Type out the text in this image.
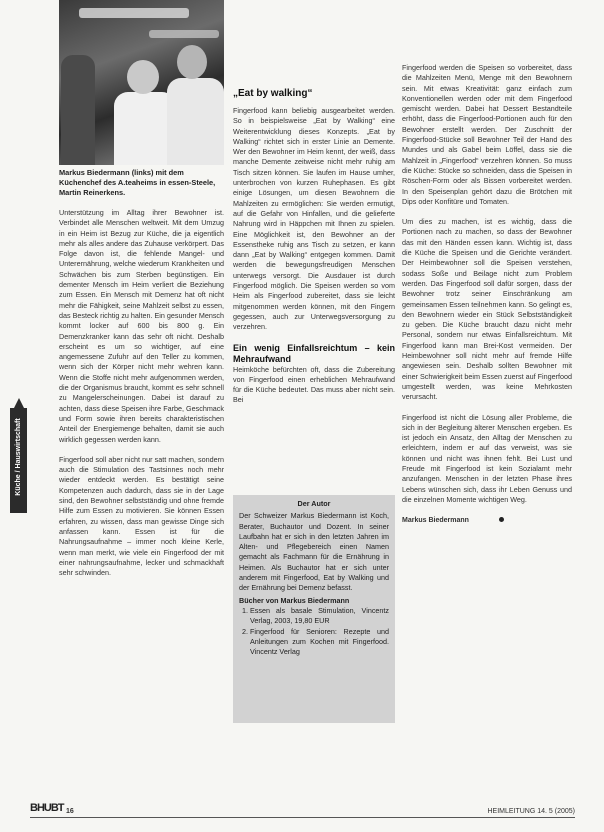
Markus Biedermann (links) mit dem Küchenchef des A.teaheims in essen-Steele, Martin Reinerkens.
Küche / Hauswirtschaft

Unterstützung im Alltag ihrer Bewohner ist. Verbindet alle Menschen weltweit. Mit dem Umzug in ein Heim ist Bezug zur Küche, die ja eigentlich mehr als alles andere das Zuhause verkörpert. Das Folge davon ist, die fehlende Mangel- und Unterernährung, welche wiederum Krankheiten und Schwächen bis zum Sterben begünstigen. Ein dementer Mensch im Heim verliert die Beziehung zum Essen. Ein Mensch mit Demenz hat oft nicht mehr die Fähigkeit, seine Mahlzeit selbst zu essen, das Besteck richtig zu halten. Ein gesunder Mensch kommt locker auf 600 bis 800 g. Ein Demenzkranker kann das sehr oft nicht. Deshalb erscheint es um so wichtiger, auf eine angemessene Zufuhr auf den Teller zu kommen, wenn sich der Körper nicht mehr wehren kann. Wenn die Stoffe nicht mehr aufgenommen werden, die der Organismus braucht, kommt es sehr schnell zu Mangelerscheinungen. Dabei ist darauf zu achten, dass diese Speisen ihre Farbe, Geschmack und Form sowie ihren bereits charakteristischen Anteil der Energiemenge behalten, damit sie auch wirklich gegessen werden kann.

Fingerfood soll aber nicht nur satt machen, sondern auch die Stimulation des Tastsinnes noch mehr wieder entdeckt werden. Es bestätigt seine Kompetenzen auch dadurch, dass sie in der Lage sind, den Bewohner selbstständig und ohne fremde Hilfe zum Essen zu motivieren. Sie können Essen erfahren, zu wissen, dass man gewisse Dinge sich anfassen kann. Essen ist für die Nahrungsaufnahme – immer noch kleine Kerle, wenn man merkt, wie viele ein Fingerfood der mit einer nahrungsaufnahme, lecker und schmackhaft sehr schwinden.

„Eat by walking“

Fingerfood kann beliebig ausgearbeitet werden. So in beispielsweise „Eat by Walking“ eine Weiterentwicklung dieses Konzepts. „Eat by Walking“ richtet sich in erster Linie an Demente. Wer den Bewohner im Heim kennt, der weiß, dass manche Demente zeitweise nicht mehr ruhig am Tisch sitzen können. Sie laufen im Hause umher, unterbrochen von kurzen Ruhephasen. Es gibt einige Lösungen, um diesen Bewohnern die Mahlzeiten zu ermöglichen: Sie werden ermutigt, auf die Gefahr von Hinfallen, und die gelieferte Nahrung wird in Häppchen mit Ihnen zu spielen. Eine Möglichkeit ist, den Bewohner an der Essenstheke ruhig ans Tisch zu setzen, er kann dann „Eat by Walking“ entgegen kommen. Damit werden die bewegungsfreudigen Menschen unterwegs versorgt. Die Ausdauer ist durch Fingerfood möglich. Die Speisen werden so vom Heim als Fingerfood zubereitet, dass sie leicht mitgenommen werden können, mit den Fingern gegessen, auch zur Unterwegsversorgung zu verzehren.

Ein wenig Einfallsreichtum – kein Mehraufwand

Heimköche befürchten oft, dass die Zubereitung von Fingerfood einen erheblichen Mehraufwand für die Küche bedeutet. Das muss aber nicht sein. Bei

Der Autor
Der Schweizer Markus Biedermann ist Koch, Berater, Buchautor und Dozent. In seiner Laufbahn hat er sich in den letzten Jahren im Alten- und Pflegebereich einen Namen gemacht als Fachmann für die Ernährung in Heimen. Als Buchautor hat er sich unter anderem mit Fingerfood, Eat by Walking und der Ernährung bei Demenz befasst.
Bücher von Markus Biedermann
1. Essen als basale Stimulation, Vincentz Verlag, 2003, 19,80 EUR
2. Fingerfood für Senioren: Rezepte und Anleitungen zum Kochen mit Fingerfood. Vincentz Verlag

Fingerfood werden die Speisen so vorbereitet, dass die Mahlzeiten Menü, Menge mit den Bewohnern sein. Mit etwas Kreativität: ganz einfach zum Konventionellen werden oder mit dem Fingerfood gemischt werden. Dabei hat Dessert Bestandteile erhöht, dass die Fingerfood-Portionen auch für den Bewohner erstellt werden. Der Zuschnitt der Fingerfood-Stücke soll Bewohner Teil der Hand des Mundes und als Gabel beim Löffel, dass sie die Mahlzeit in „Fingerfood“ verzehren können. So muss die Küche: Stücke so schneiden, dass die Speisen in Röschen-Form oder als Bissen vorbereitet werden. In den Speisenplan gehört dazu die Brötchen mit Dips oder Konfitüre und Tomaten.

Um dies zu machen, ist es wichtig, dass die Portionen nach zu machen, so dass der Bewohner das mit den Händen essen kann. Wichtig ist, dass die Küche die Speisen und die Gerichte verändert. Der Heimbewohner soll die Speisen verstehen, sodass Soße und Beilage nicht zum Problem werden. Das Fingerfood soll dafür sorgen, dass der Bewohner trotz seiner Einschränkung am gemeinsamen Essen teilnehmen kann. So gelingt es, den Bewohnern wieder ein Stück Selbstständigkeit zu geben. Die Küche braucht dazu nicht mehr Personal, sondern nur etwas Einfallsreichtum. Mit Fingerfood kann man Brei-Kost vermeiden. Der Heimbewohner soll nicht mehr auf fremde Hilfe angewiesen sein. Deshalb sollten Bewohner mit einer Schwierigkeit beim Essen zuerst auf Fingerfood umgestellt werden, was keine Mehrkosten verursacht.

Fingerfood ist nicht die Lösung aller Probleme, die sich in der Begleitung älterer Menschen ergeben. Es ist jedoch ein Ansatz, den Alltag der Menschen zu erleichtern, indem er auf das verweist, was sie können und nicht was ihnen fehlt. Bei Lust und Freude mit Fingerfood ist kein Sozialamt mehr anzufangen. Menschen in der letzten Phase ihres Lebens wünschen sich, dass ihr Leben Genuss und die einzelnen Momente wichtigen Weg.

Markus Biedermann
BHUBT 16	HEIMLEITUNG 14. 5 (2005)
